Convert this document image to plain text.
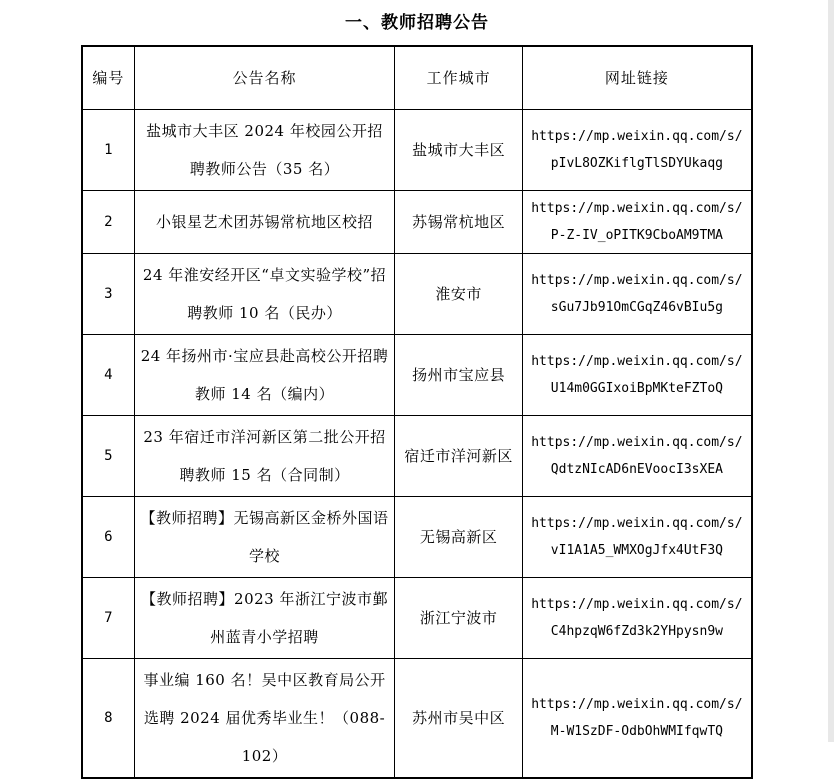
一、教师招聘公告
编号	公告名称	工作城市	网址链接
1	盐城市大丰区 2024 年校园公开招聘教师公告（35 名）	盐城市大丰区	https://mp.weixin.qq.com/s/pIvL8OZKiflgTlSDYUkaqg
2	小银星艺术团苏锡常杭地区校招	苏锡常杭地区	https://mp.weixin.qq.com/s/P-Z-IV_oPITK9CboAM9TMA
3	24 年淮安经开区“卓文实验学校”招聘教师 10 名（民办）	淮安市	https://mp.weixin.qq.com/s/sGu7Jb91OmCGqZ46vBIu5g
4	24 年扬州市·宝应县赴高校公开招聘教师 14 名（编内）	扬州市宝应县	https://mp.weixin.qq.com/s/U14m0GGIxoiBpMKteFZToQ
5	23 年宿迁市洋河新区第二批公开招聘教师 15 名（合同制）	宿迁市洋河新区	https://mp.weixin.qq.com/s/QdtzNIcAD6nEVoocI3sXEA
6	【教师招聘】无锡高新区金桥外国语学校	无锡高新区	https://mp.weixin.qq.com/s/vI1A1A5_WMXOgJfx4UtF3Q
7	【教师招聘】2023 年浙江宁波市鄞州蓝青小学招聘	浙江宁波市	https://mp.weixin.qq.com/s/C4hpzqW6fZd3k2YHpysn9w
8	事业编 160 名！吴中区教育局公开选聘 2024 届优秀毕业生！（088-102）	苏州市吴中区	https://mp.weixin.qq.com/s/M-W1SzDF-OdbOhWMIfqwTQ
